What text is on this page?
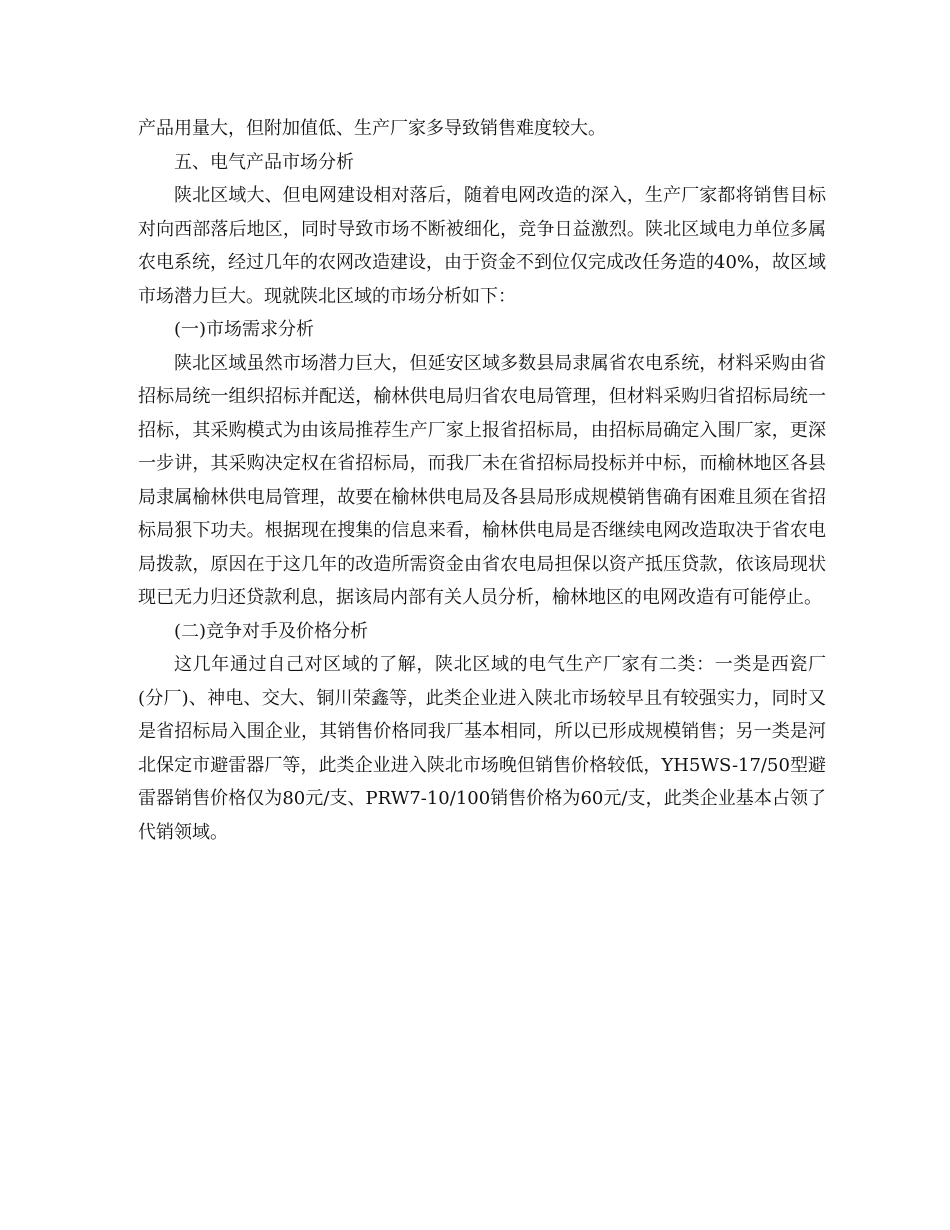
产品用量大，但附加值低、生产厂家多导致销售难度较大。

五、电气产品市场分析

陕北区域大、但电网建设相对落后，随着电网改造的深入，生产厂家都将销售目标对向西部落后地区，同时导致市场不断被细化，竞争日益激烈。陕北区域电力单位多属农电系统，经过几年的农网改造建设，由于资金不到位仅完成改任务造的40%，故区域市场潜力巨大。现就陕北区域的市场分析如下：

(一)市场需求分析

陕北区域虽然市场潜力巨大，但延安区域多数县局隶属省农电系统，材料采购由省招标局统一组织招标并配送，榆林供电局归省农电局管理，但材料采购归省招标局统一招标，其采购模式为由该局推荐生产厂家上报省招标局，由招标局确定入围厂家，更深一步讲，其采购决定权在省招标局，而我厂未在省招标局投标并中标，而榆林地区各县局隶属榆林供电局管理，故要在榆林供电局及各县局形成规模销售确有困难且须在省招标局狠下功夫。根据现在搜集的信息来看，榆林供电局是否继续电网改造取决于省农电局拨款，原因在于这几年的改造所需资金由省农电局担保以资产抵压贷款，依该局现状现已无力归还贷款利息，据该局内部有关人员分析，榆林地区的电网改造有可能停止。

(二)竞争对手及价格分析

这几年通过自己对区域的了解，陕北区域的电气生产厂家有二类：一类是西瓷厂(分厂)、神电、交大、铜川荣鑫等，此类企业进入陕北市场较早且有较强实力，同时又是省招标局入围企业，其销售价格同我厂基本相同，所以已形成规模销售；另一类是河北保定市避雷器厂等，此类企业进入陕北市场晚但销售价格较低，YH5WS-17/50型避雷器销售价格仅为80元/支、PRW7-10/100销售价格为60元/支，此类企业基本占领了代销领域。
